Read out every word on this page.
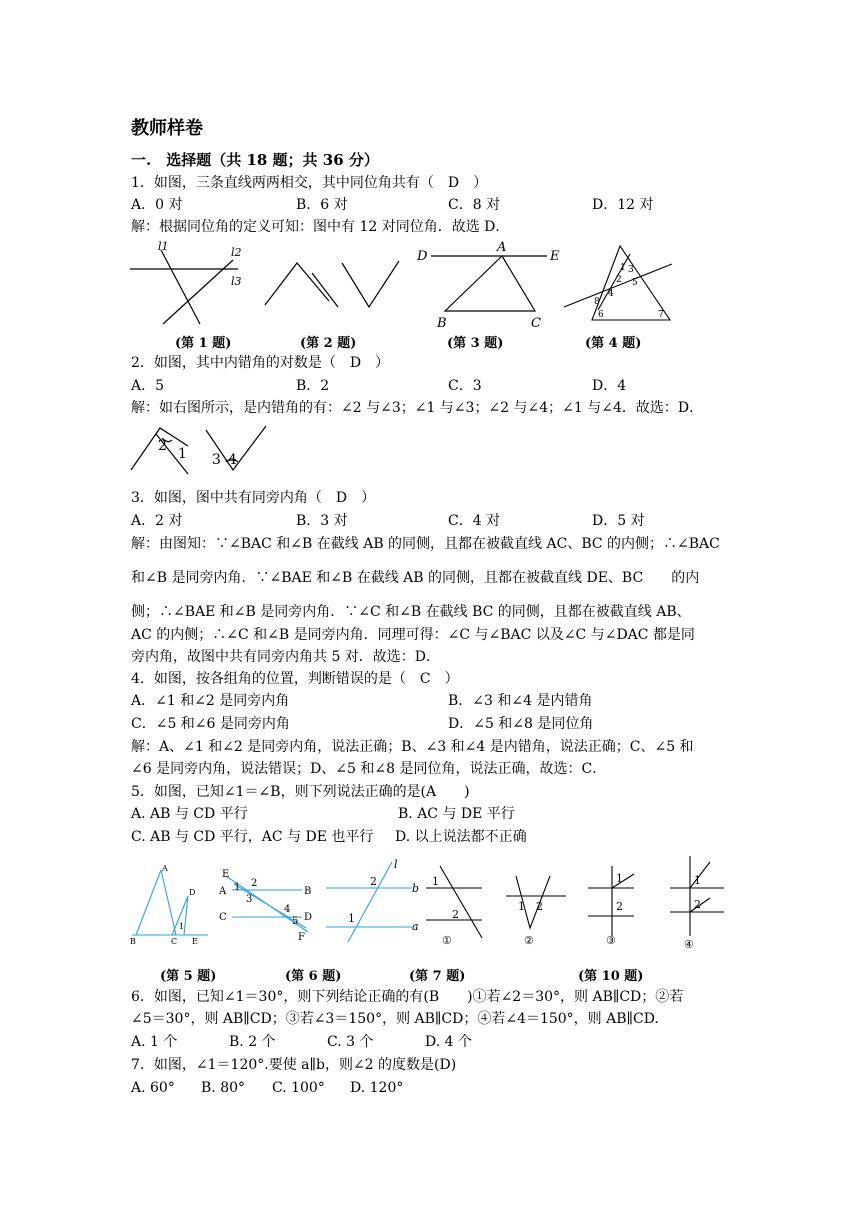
教师样卷
一.　选择题（共 18 题；共 36 分）
1．如图，三条直线两两相交，其中同位角共有（　D　）
A．0 对	B．6 对	C．8 对	D．12 对
解：根据同位角的定义可知：图中有 12 对同位角．故选 D．
l1	l2
l3
D
A
E
B	C
1 3
2 5
4
8
6	7
(第 1 题)	(第 2 题)	(第 3 题)	(第 4 题)
2．如图，其中内错角的对数是（　D　）
A．5	B．2	C．3	D．4
解：如右图所示，是内错角的有：∠2 与∠3；∠1 与∠3；∠2 与∠4；∠1 与∠4．故选：D．
2 1 3 4
3．如图，图中共有同旁内角（　D　）
A．2 对	B．3 对	C．4 对	D．5 对
解：由图知：∵∠BAC 和∠B 在截线 AB 的同侧，且都在被截直线 AC、BC 的内侧；∴∠BAC
和∠B 是同旁内角．∵∠BAE 和∠B 在截线 AB 的同侧，且都在被截直线 DE、BC　　的内
侧；∴∠BAE 和∠B 是同旁内角．∵∠C 和∠B 在截线 BC 的同侧，且都在被截直线 AB、
AC 的内侧；∴∠C 和∠B 是同旁内角．同理可得：∠C 与∠BAC 以及∠C 与∠DAC 都是同
旁内角，故图中共有同旁内角共 5 对．故选：D．
4．如图，按各组角的位置，判断错误的是（　C　）
A．∠1 和∠2 是同旁内角	B．∠3 和∠4 是内错角
C．∠5 和∠6 是同旁内角	D．∠5 和∠8 是同位角
解：A、∠1 和∠2 是同旁内角，说法正确；B、∠3 和∠4 是内错角，说法正确；C、∠5 和
∠6 是同旁内角，说法错误；D、∠5 和∠8 是同位角，说法正确，故选：C．
5．如图，已知∠1＝∠B，则下列说法正确的是(A　　)
A. AB 与 CD 平行	B. AC 与 DE 平行
C. AB 与 CD 平行，AC 与 DE 也平行 D. 以上说法都不正确
A
D
1
B	C E
E
A 1 2
3
B
C
4
5 D
F
l
2
b
1
a
1
2
①
1 2
②
1
2
③
1
2
④
(第 5 题)	(第 6 题)	(第 7 题)	(第 10 题)
6．如图，已知∠1＝30°，则下列结论正确的有(B　　)①若∠2＝30°，则 AB∥CD；②若
∠5＝30°，则 AB∥CD；③若∠3＝150°，则 AB∥CD；④若∠4＝150°，则 AB∥CD.
A. 1 个	B. 2 个	C. 3 个	D. 4 个
7．如图，∠1＝120°.要使 a∥b，则∠2 的度数是(D)
A. 60° B. 80° C. 100° D. 120°
